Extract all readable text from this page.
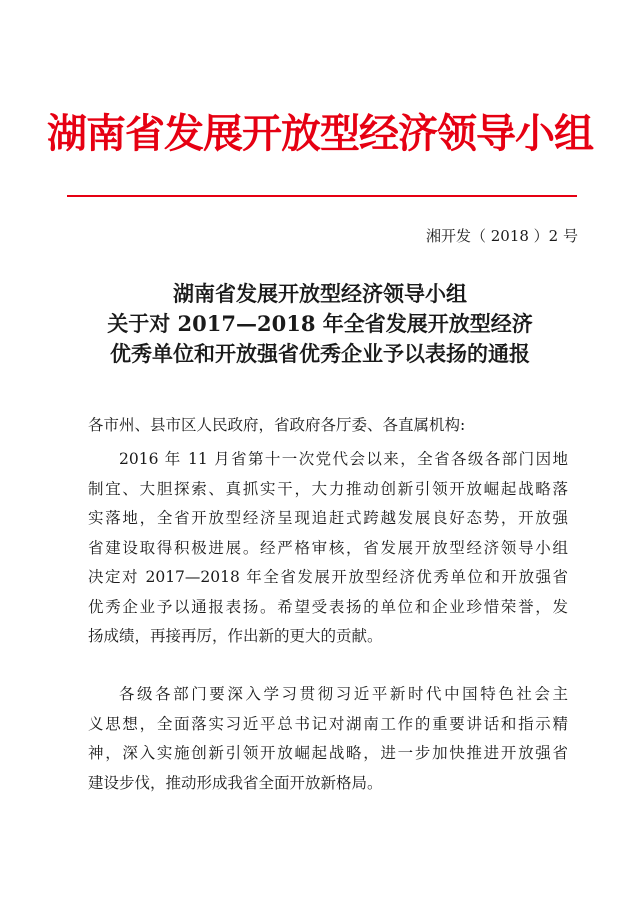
湖南省发展开放型经济领导小组
湘开发（ 2018 ）2 号
湖南省发展开放型经济领导小组
关于对 2017—2018 年全省发展开放型经济
优秀单位和开放强省优秀企业予以表扬的通报
各市州、县市区人民政府，省政府各厅委、各直属机构:
2016 年 11 月省第十一次党代会以来，全省各级各部门因地
制宜、大胆探索、真抓实干，大力推动创新引领开放崛起战略落
实落地，全省开放型经济呈现追赶式跨越发展良好态势，开放强
省建设取得积极进展。经严格审核，省发展开放型经济领导小组
决定对 2017—2018 年全省发展开放型经济优秀单位和开放强省
优秀企业予以通报表扬。希望受表扬的单位和企业珍惜荣誉，发
扬成绩，再接再厉，作出新的更大的贡献。
各级各部门要深入学习贯彻习近平新时代中国特色社会主
义思想，全面落实习近平总书记对湖南工作的重要讲话和指示精
神，深入实施创新引领开放崛起战略，进一步加快推进开放强省
建设步伐，推动形成我省全面开放新格局。
